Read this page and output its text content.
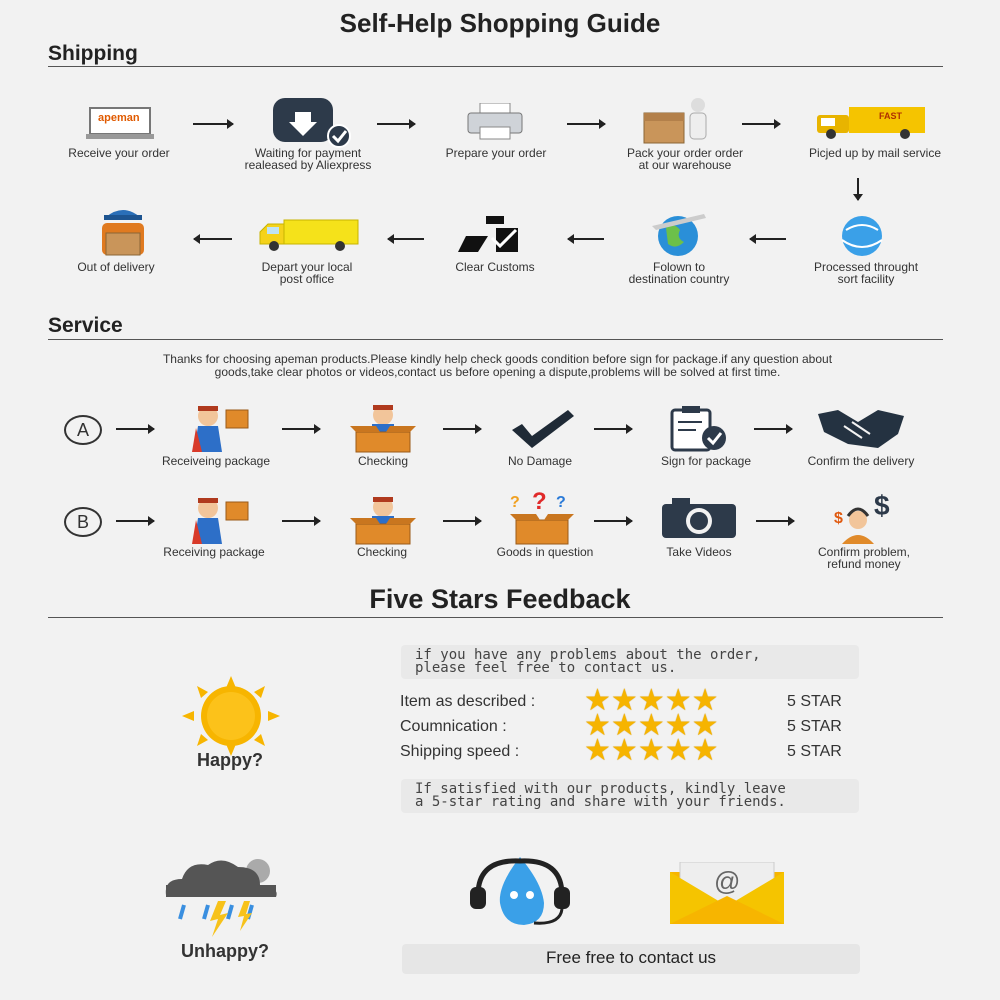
Self-Help Shopping Guide
Shipping
apeman	FAST
Receive your order	Waiting for payment
realeased by Aliexpress
Prepare your order	Pack your order order
at our warehouse
Picjed up by mail service
Out of delivery	Depart your local
post office
Clear Customs	Folown to
destination country
Processed throught
sort facility
Service
Thanks for choosing apeman products.Please kindly help check goods condition before sign for package.if any question about
goods,take clear photos or videos,contact us before opening a dispute,problems will be solved at first time.
A
Receiveing package	Checking	No Damage	Sign for package	Confirm the delivery
B
? ? ?
$ $
Receiving package	Checking	Goods in question	Take Videos	Confirm problem,
refund money
Five Stars Feedback
if you have any problems about the order,
please feel free to contact us.
Happy?
Item as described : ★★★★★	5 STAR
Coumnication :	★★★★★	5 STAR
Shipping speed : ★★★★★	5 STAR
If satisfied with our products, kindly leave
a 5-star rating and share with your friends.
Unhappy?
@
Free free to contact us
